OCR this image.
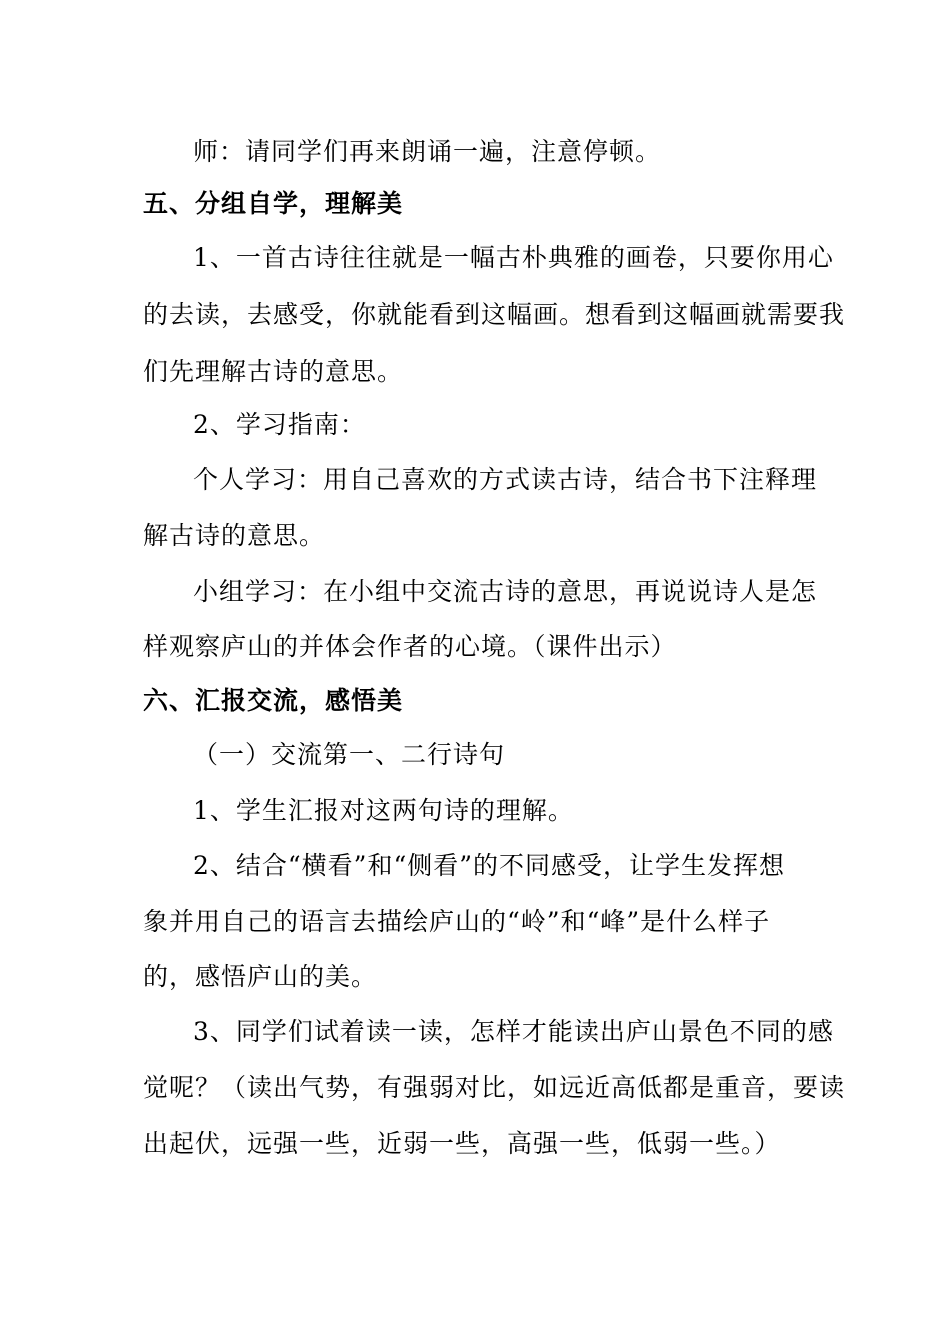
师：请同学们再来朗诵一遍，注意停顿。
五、分组自学，理解美
1、一首古诗往往就是一幅古朴典雅的画卷，只要你用心
的去读，去感受，你就能看到这幅画。想看到这幅画就需要我
们先理解古诗的意思。
2、学习指南：
个人学习：用自己喜欢的方式读古诗，结合书下注释理
解古诗的意思。
小组学习：在小组中交流古诗的意思，再说说诗人是怎
样观察庐山的并体会作者的心境。（课件出示）
六、汇报交流，感悟美
（一）交流第一、二行诗句
1、学生汇报对这两句诗的理解。
2、结合“横看”和“侧看”的不同感受，让学生发挥想
象并用自己的语言去描绘庐山的“岭”和“峰”是什么样子
的，感悟庐山的美。
3、同学们试着读一读，怎样才能读出庐山景色不同的感
觉呢？（读出气势，有强弱对比，如远近高低都是重音，要读
出起伏，远强一些，近弱一些，高强一些，低弱一些。）
